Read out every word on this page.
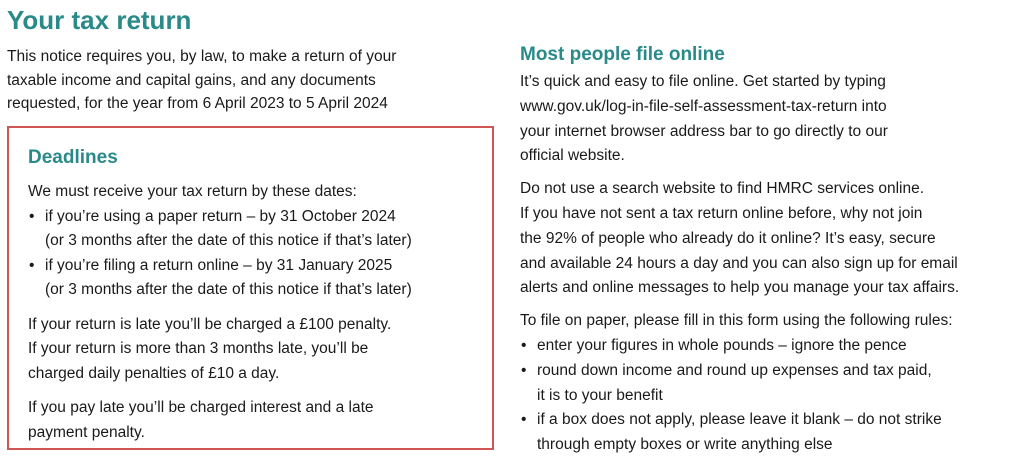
Your tax return
This notice requires you, by law, to make a return of your
taxable income and capital gains, and any documents
requested, for the year from 6 April 2023 to 5 April 2024
Deadlines

We must receive your tax return by these dates:

• if you’re using a paper return – by 31 October 2024
(or 3 months after the date of this notice if that’s later)
• if you’re filing a return online – by 31 January 2025
(or 3 months after the date of this notice if that’s later)
If your return is late you’ll be charged a £100 penalty.
If your return is more than 3 months late, you’ll be
charged daily penalties of £10 a day.
If you pay late you’ll be charged interest and a late
payment penalty.
Most people file online
It’s quick and easy to file online. Get started by typing
www.gov.uk/log-in-file-self-assessment-tax-return into
your internet browser address bar to go directly to our
official website.
Do not use a search website to find HMRC services online.
If you have not sent a tax return online before, why not join
the 92% of people who already do it online? It’s easy, secure
and available 24 hours a day and you can also sign up for email
alerts and online messages to help you manage your tax affairs.
To file on paper, please fill in this form using the following rules:
• enter your figures in whole pounds – ignore the pence
• round down income and round up expenses and tax paid,
it is to your benefit
• if a box does not apply, please leave it blank – do not strike
through empty boxes or write anything else
